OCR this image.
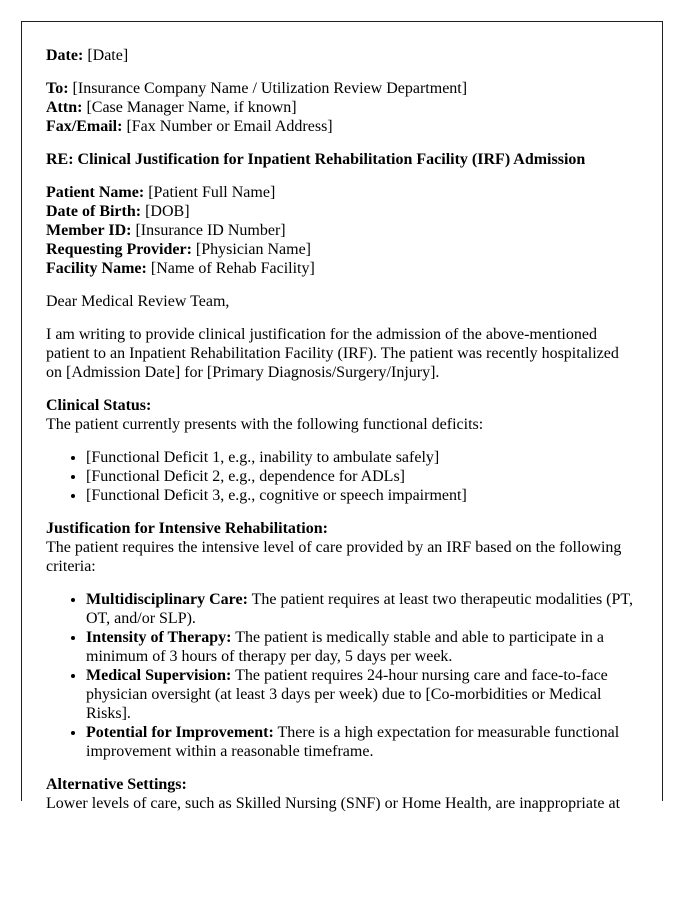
Date: [Date]

To: [Insurance Company Name / Utilization Review Department]
Attn: [Case Manager Name, if known]
Fax/Email: [Fax Number or Email Address]

RE: Clinical Justification for Inpatient Rehabilitation Facility (IRF) Admission

Patient Name: [Patient Full Name]
Date of Birth: [DOB]
Member ID: [Insurance ID Number]
Requesting Provider: [Physician Name]
Facility Name: [Name of Rehab Facility]

Dear Medical Review Team,

I am writing to provide clinical justification for the admission of the above-mentioned patient to an Inpatient Rehabilitation Facility (IRF). The patient was recently hospitalized on [Admission Date] for [Primary Diagnosis/Surgery/Injury].

Clinical Status:
The patient currently presents with the following functional deficits:

• [Functional Deficit 1, e.g., inability to ambulate safely]
• [Functional Deficit 2, e.g., dependence for ADLs]
• [Functional Deficit 3, e.g., cognitive or speech impairment]

Justification for Intensive Rehabilitation:
The patient requires the intensive level of care provided by an IRF based on the following criteria:

• Multidisciplinary Care: The patient requires at least two therapeutic modalities (PT, OT, and/or SLP).
• Intensity of Therapy: The patient is medically stable and able to participate in a minimum of 3 hours of therapy per day, 5 days per week.
• Medical Supervision: The patient requires 24-hour nursing care and face-to-face physician oversight (at least 3 days per week) due to [Co-morbidities or Medical Risks].
• Potential for Improvement: There is a high expectation for measurable functional improvement within a reasonable timeframe.

Alternative Settings:
Lower levels of care, such as Skilled Nursing (SNF) or Home Health, are inappropriate at
